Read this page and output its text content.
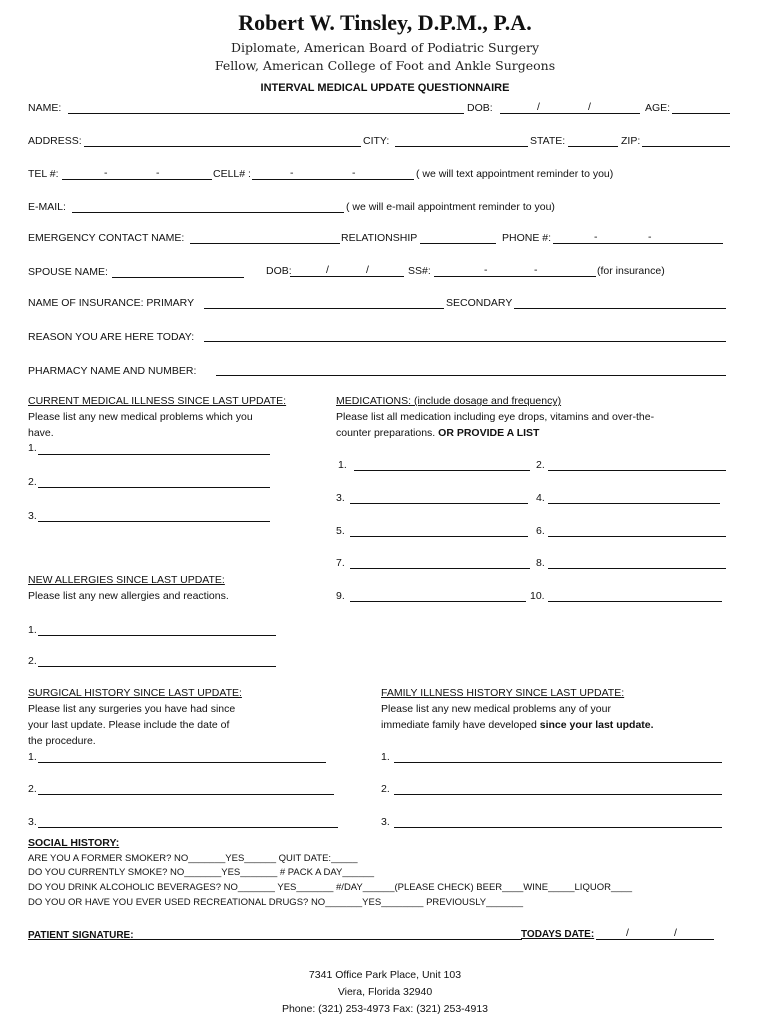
Robert W. Tinsley, D.P.M., P.A.
Diplomate, American Board of Podiatric Surgery
Fellow, American College of Foot and Ankle Surgeons
INTERVAL MEDICAL UPDATE QUESTIONNAIRE
NAME:	DOB:	/	/	AGE:
ADDRESS:	CITY:	STATE:	ZIP:
TEL #:	-	-	CELL# :	-	-	( we will text appointment reminder to you)
E-MAIL:	( we will e-mail appointment reminder to you)
EMERGENCY CONTACT NAME:	RELATIONSHIP	PHONE #:	-	-
SPOUSE NAME:	DOB:	/	/	SS#:	-	-	(for insurance)
NAME OF INSURANCE: PRIMARY	SECONDARY
REASON YOU ARE HERE TODAY:
PHARMACY NAME AND NUMBER:
CURRENT MEDICAL ILLNESS SINCE LAST UPDATE:
Please list any new medical problems which you
have.
1.
2.
3.
MEDICATIONS: (include dosage and frequency)
Please list all medication including eye drops, vitamins and over-the-
counter preparations. OR PROVIDE A LIST
1.	2.
3.	4.
5.	6.
7.	8.
9.	10.
NEW ALLERGIES SINCE LAST UPDATE:
Please list any new allergies and reactions.
1.
2.
SURGICAL HISTORY SINCE LAST UPDATE:
Please list any surgeries you have had since
your last update. Please include the date of
the procedure.
1.
2.
3.
FAMILY ILLNESS HISTORY SINCE LAST UPDATE:
Please list any new medical problems any of your
immediate family have developed since your last update.
1.
2.
3.
SOCIAL HISTORY:
ARE YOU A FORMER SMOKER? NO_______YES______ QUIT DATE:_____
DO YOU CURRENTLY SMOKE? NO_______YES_______ # PACK A DAY______
DO YOU DRINK ALCOHOLIC BEVERAGES? NO_______ YES_______ #/DAY______(PLEASE CHECK) BEER____WINE_____LIQUOR____
DO YOU OR HAVE YOU EVER USED RECREATIONAL DRUGS? NO_______YES________ PREVIOUSLY_______
PATIENT SIGNATURE:	TODAYS DATE:	/	/
7341 Office Park Place, Unit 103
Viera, Florida 32940
Phone: (321) 253-4973 Fax: (321) 253-4913
